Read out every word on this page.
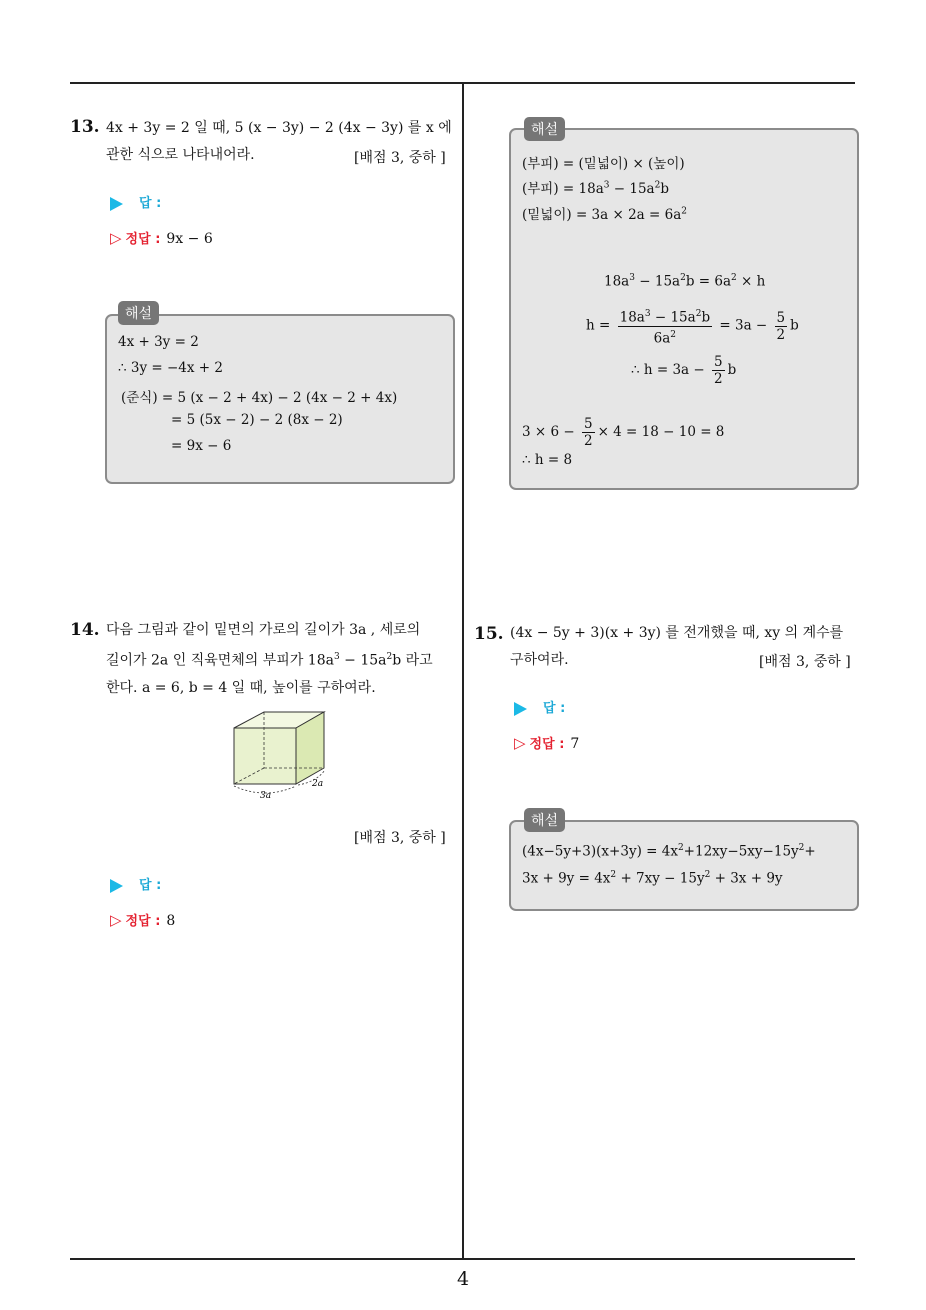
4
13. 4x + 3y = 2 일 때, 5 (x − 3y) − 2 (4x − 3y) 를 x 에
관한 식으로 나타내어라.	[배점 3, 중하 ]
답 :
▷ 정답 : 9x − 6
해설
4x + 3y = 2
∴ 3y = −4x + 2
(준식) = 5 (x − 2 + 4x) − 2 (4x − 2 + 4x)
= 5 (5x − 2) − 2 (8x − 2)
= 9x − 6
해설
(부피) = (밑넓이) × (높이)
(부피) = $18a^3 - 15a^2b$
(밑넓이) = $3a \times 2a = 6a^2$
$18a^3 - 15a^2b = 6a^2 \times h$
$h = \frac{18a^3 - 15a^2b}{6a^2} = 3a - \frac{5}{2}$ b
∴ $h = 3a - \frac{5}{2}$ b
$3 \times 6 - \frac{5}{2} \times 4 = 18 - 10 = 8$
∴ h = 8
14. 다음 그림과 같이 밑면의 가로의 길이가 3a , 세로의
길이가 2a 인 직육면체의 부피가 $18a^3 - 15a^2b$ 라고
한다. a = 6, b = 4 일 때, 높이를 구하여라.
3a
2a
[배점 3, 중하 ]
답 :
▷ 정답 : 8
15. (4x − 5y + 3)(x + 3y) 를 전개했을 때, xy 의 계수를
구하여라.	[배점 3, 중하 ]
답 :
▷ 정답 : 7
해설
$(4x-5y+3)(x+3y) = 4x^2+12xy-5xy-15y^2+$
$3x + 9y = 4x^2 + 7xy - 15y^2 + 3x + 9y$
